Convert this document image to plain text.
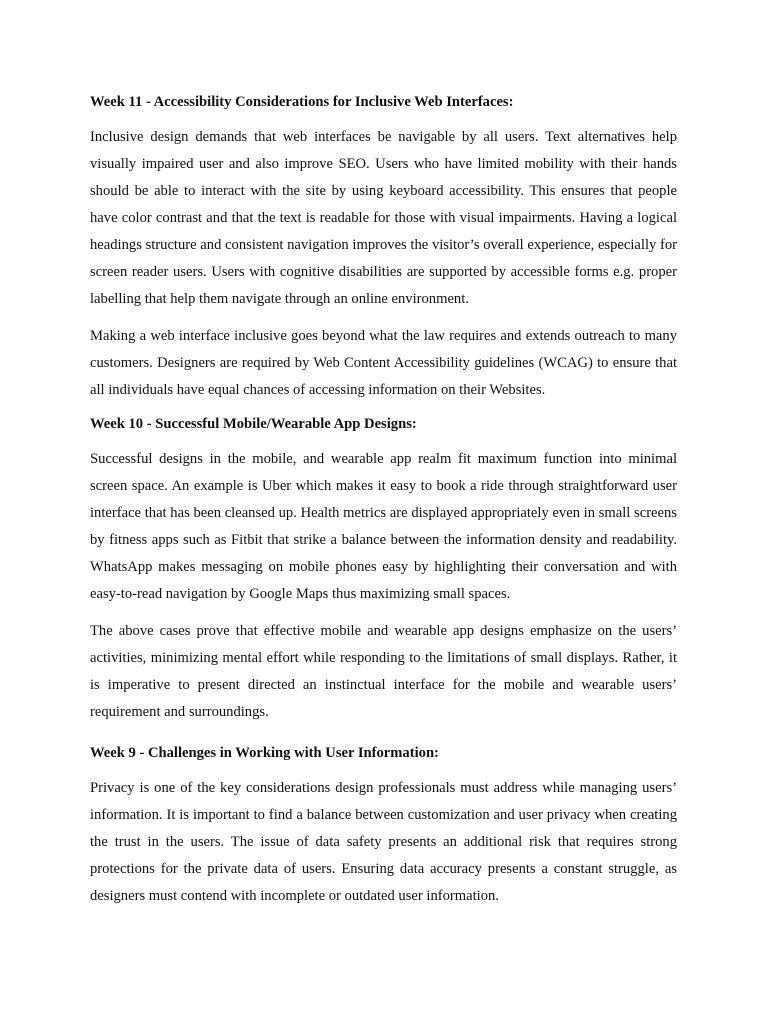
Week 11 - Accessibility Considerations for Inclusive Web Interfaces:

Inclusive design demands that web interfaces be navigable by all users. Text alternatives help visually impaired user and also improve SEO. Users who have limited mobility with their hands should be able to interact with the site by using keyboard accessibility. This ensures that people have color contrast and that the text is readable for those with visual impairments. Having a logical headings structure and consistent navigation improves the visitor’s overall experience, especially for screen reader users. Users with cognitive disabilities are supported by accessible forms e.g. proper labelling that help them navigate through an online environment.

Making a web interface inclusive goes beyond what the law requires and extends outreach to many customers. Designers are required by Web Content Accessibility guidelines (WCAG) to ensure that all individuals have equal chances of accessing information on their Websites.

Week 10 - Successful Mobile/Wearable App Designs:

Successful designs in the mobile, and wearable app realm fit maximum function into minimal screen space. An example is Uber which makes it easy to book a ride through straightforward user interface that has been cleansed up. Health metrics are displayed appropriately even in small screens by fitness apps such as Fitbit that strike a balance between the information density and readability. WhatsApp makes messaging on mobile phones easy by highlighting their conversation and with easy-to-read navigation by Google Maps thus maximizing small spaces.

The above cases prove that effective mobile and wearable app designs emphasize on the users’ activities, minimizing mental effort while responding to the limitations of small displays. Rather, it is imperative to present directed an instinctual interface for the mobile and wearable users’ requirement and surroundings.

Week 9 - Challenges in Working with User Information:

Privacy is one of the key considerations design professionals must address while managing users’ information. It is important to find a balance between customization and user privacy when creating the trust in the users. The issue of data safety presents an additional risk that requires strong protections for the private data of users. Ensuring data accuracy presents a constant struggle, as designers must contend with incomplete or outdated user information.
